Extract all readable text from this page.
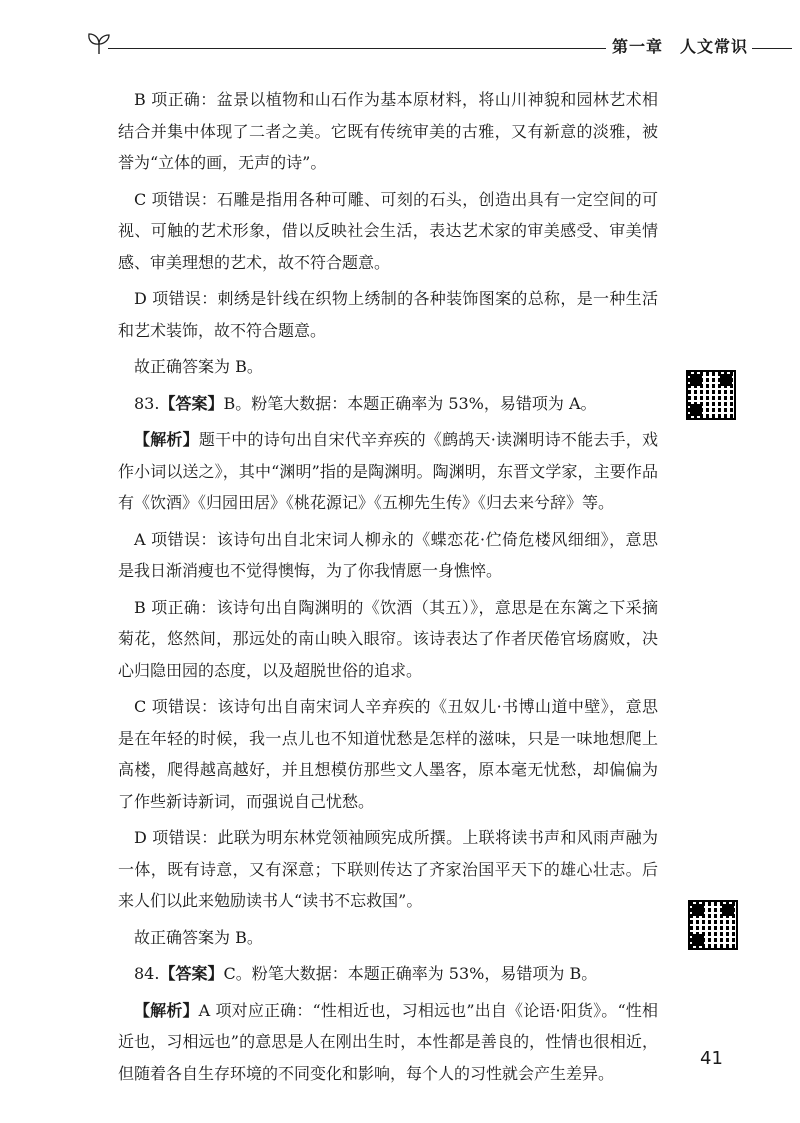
第一章　人文常识

B 项正确：盆景以植物和山石作为基本原材料，将山川神貌和园林艺术相结合并集中体现了二者之美。它既有传统审美的古雅，又有新意的淡雅，被誉为“立体的画，无声的诗”。

C 项错误：石雕是指用各种可雕、可刻的石头，创造出具有一定空间的可视、可触的艺术形象，借以反映社会生活，表达艺术家的审美感受、审美情感、审美理想的艺术，故不符合题意。

D 项错误：刺绣是针线在织物上绣制的各种装饰图案的总称，是一种生活和艺术装饰，故不符合题意。

故正确答案为 B。

83.【答案】B。粉笔大数据：本题正确率为 53%，易错项为 A。

【解析】题干中的诗句出自宋代辛弃疾的《鹧鸪天·读渊明诗不能去手，戏作小词以送之》，其中“渊明”指的是陶渊明。陶渊明，东晋文学家，主要作品有《饮酒》《归园田居》《桃花源记》《五柳先生传》《归去来兮辞》等。

A 项错误：该诗句出自北宋词人柳永的《蝶恋花·伫倚危楼风细细》，意思是我日渐消瘦也不觉得懊悔，为了你我情愿一身憔悴。

B 项正确：该诗句出自陶渊明的《饮酒（其五）》，意思是在东篱之下采摘菊花，悠然间，那远处的南山映入眼帘。该诗表达了作者厌倦官场腐败，决心归隐田园的态度，以及超脱世俗的追求。

C 项错误：该诗句出自南宋词人辛弃疾的《丑奴儿·书博山道中壁》，意思是在年轻的时候，我一点儿也不知道忧愁是怎样的滋味，只是一味地想爬上高楼，爬得越高越好，并且想模仿那些文人墨客，原本毫无忧愁，却偏偏为了作些新诗新词，而强说自己忧愁。

D 项错误：此联为明东林党领袖顾宪成所撰。上联将读书声和风雨声融为一体，既有诗意，又有深意；下联则传达了齐家治国平天下的雄心壮志。后来人们以此来勉励读书人“读书不忘救国”。

故正确答案为 B。

84.【答案】C。粉笔大数据：本题正确率为 53%，易错项为 B。

【解析】A 项对应正确：“性相近也，习相远也”出自《论语·阳货》。“性相近也，习相远也”的意思是人在刚出生时，本性都是善良的，性情也很相近，但随着各自生存环境的不同变化和影响，每个人的习性就会产生差异。

41
